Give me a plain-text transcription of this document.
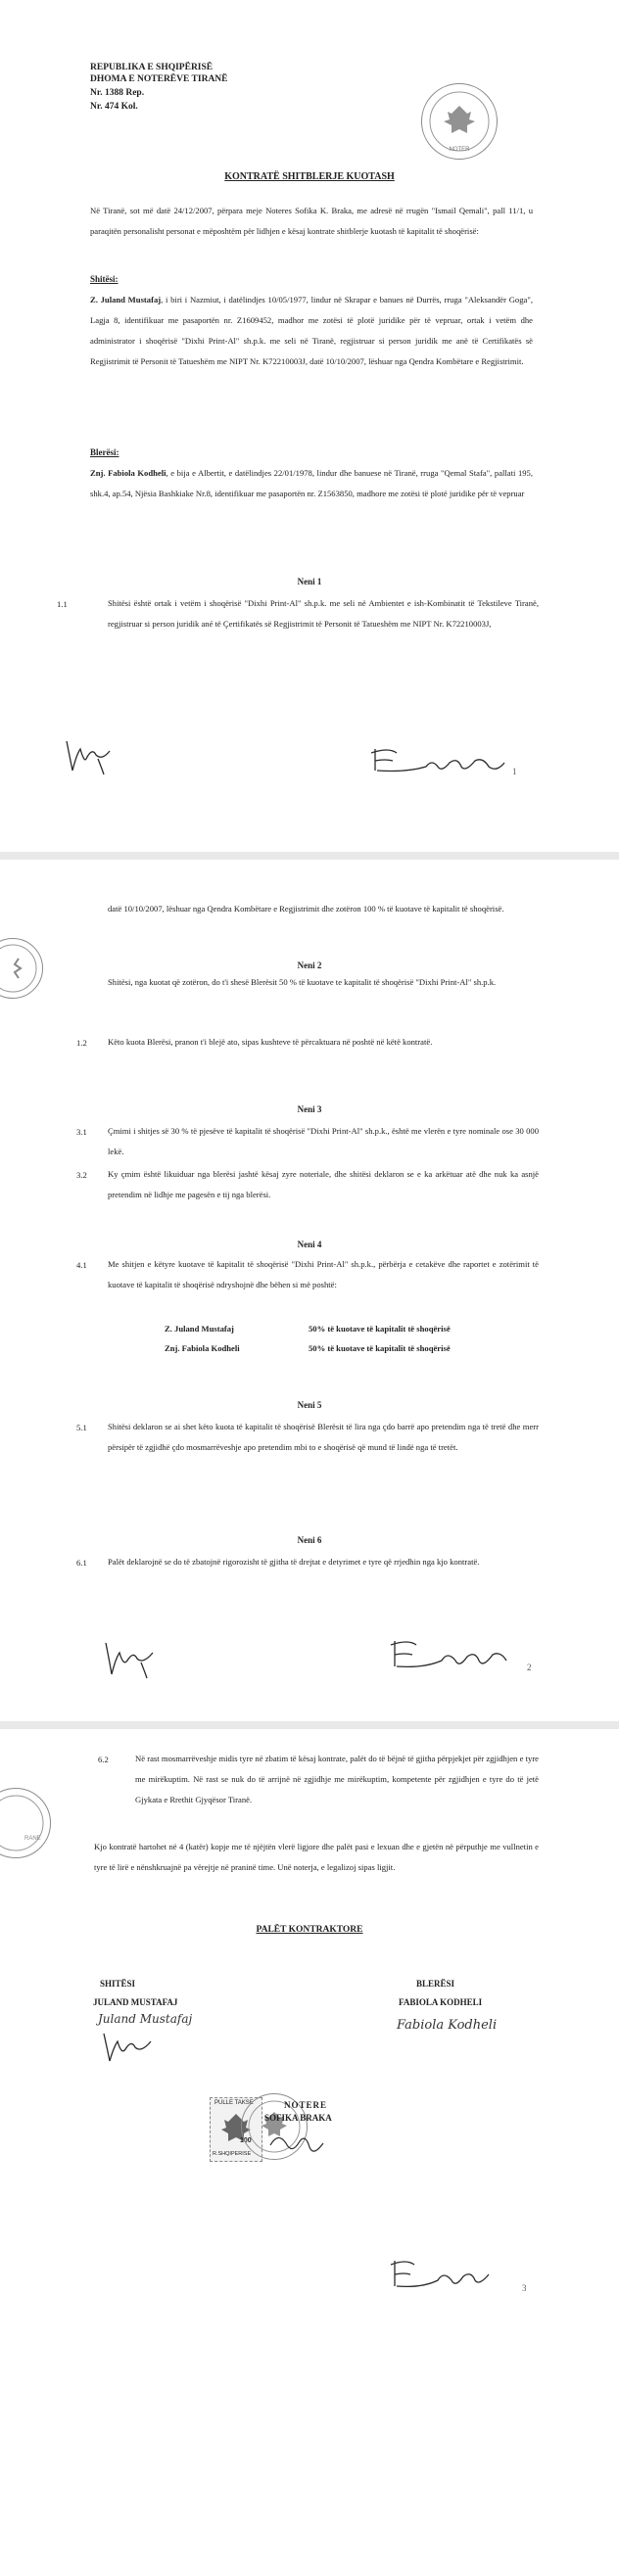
REPUBLIKA E SHQIPËRISË
DHOMA E NOTERËVE TIRANË
Nr. 1388 Rep.
Nr. 474 Kol.
NOTER
KONTRATË SHITBLERJE KUOTASH
Në Tiranë, sot më datë 24/12/2007, përpara meje Noteres Sofika K. Braka, me adresë në rrugën "Ismail Qemali", pall 11/1, u paraqitën personalisht personat e mëposhtëm për lidhjen e kësaj kontrate shitblerje kuotash të kapitalit të shoqërisë:
Shitësi:
Z. Juland Mustafaj, i biri i Nazmiut, i datëlindjes 10/05/1977, lindur në Skrapar e banues në Durrës, rruga "Aleksandër Goga", Lagja 8, identifikuar me pasaportën nr. Z1609452, madhor me zotësi të plotë juridike për të vepruar, ortak i vetëm dhe administrator i shoqërisë "Dixhi Print-Al" sh.p.k. me seli në Tiranë, regjistruar si person juridik me anë të Certifikatës së Regjistrimit të Personit të Tatueshëm me NIPT Nr. K72210003J, datë 10/10/2007, lëshuar nga Qendra Kombëtare e Regjistrimit.
Blerësi:
Znj. Fabiola Kodheli, e bija e Albertit, e datëlindjes 22/01/1978, lindur dhe banuese në Tiranë, rruga "Qemal Stafa", pallati 195, shk.4, ap.54, Njësia Bashkiake Nr.8, identifikuar me pasaportën nr. Z1563850, madhore me zotësi të plotë juridike për të vepruar
Neni 1
1.1	Shitësi është ortak i vetëm i shoqërisë "Dixhi Print-Al" sh.p.k. me seli në Ambientet e ish-Kombinatit të Tekstileve Tiranë, regjistruar si person juridik ané të Çertifikatës së Regjistrimit të Personit të Tatueshëm me NIPT Nr. K72210003J,
1
datë 10/10/2007, lëshuar nga Qendra Kombëtare e Regjistrimit dhe zotëron 100 % të kuotave të kapitalit të shoqërisë.
Neni 2
Shitësi, nga kuotat që zotëron, do t'i shesë Blerësit 50 % të kuotave te kapitalit të shoqërisë "Dixhi Print-Al" sh.p.k.
1.2 Këto kuota Blerësi, pranon t'i blejë ato, sipas kushteve të përcaktuara në poshtë në këtë kontratë.
Neni 3
3.1 Çmimi i shitjes së 30 % të pjesëve të kapitalit të shoqërisë "Dixhi Print-Al" sh.p.k., është me vlerën e tyre nominale ose 30 000 lekë.
3.2 Ky çmim është likuiduar nga blerësi jashtë kësaj zyre noteriale, dhe shitësi deklaron se e ka arkëtuar atë dhe nuk ka asnjë pretendim në lidhje me pagesën e tij nga blerësi.
Neni 4
4.1 Me shitjen e këtyre kuotave të kapitalit të shoqërisë "Dixhi Print-Al" sh.p.k., përbërja e cetakëve dhe raportet e zotërimit të kuotave të kapitalit të shoqërisë ndryshojnë dhe bëhen si më poshtë:
Z. Juland Mustafaj	50% të kuotave të kapitalit të shoqërisë
Znj. Fabiola Kodheli	50% të kuotave të kapitalit të shoqërisë
Neni 5
5.1 Shitësi deklaron se ai shet këto kuota të kapitalit të shoqërisë Blerësit të lira nga çdo barrë apo pretendim nga të tretë dhe merr përsipër të zgjidhë çdo mosmarrëveshje apo pretendim mbi to e shoqërisë që mund të lindë nga të tretët.
Neni 6
6.1 Palët deklarojnë se do të zbatojnë rigorozisht të gjitha të drejtat e detyrimet e tyre që rrjedhin nga kjo kontratë.
2
RANE
6.2	Në rast mosmarrëveshje midis tyre në zbatim të kësaj kontrate, palët do të bëjnë të gjitha përpjekjet për zgjidhjen e tyre me mirëkuptim. Në rast se nuk do të arrijnë në zgjidhje me mirëkuptim, kompetente për zgjidhjen e tyre do të jetë Gjykata e Rrethit Gjyqësor Tiranë.
Kjo kontratë hartohet në 4 (katër) kopje me të njëjtën vlerë ligjore dhe palët pasi e lexuan dhe e gjetën në përputhje me vullnetin e tyre të lirë e nënshkruajnë pa vërejtje në praninë time. Unë noterja, e legalizoj sipas ligjit.
PALËT KONTRAKTORE
SHITËSI
JULAND MUSTAFAJ
Juland Mustafaj
BLERËSI
FABIOLA KODHELI
Fabiola Kodheli
PULLE TAKSE
100
R.SHQIPERISE
NOTERE
SOFIKA BRAKA
3
